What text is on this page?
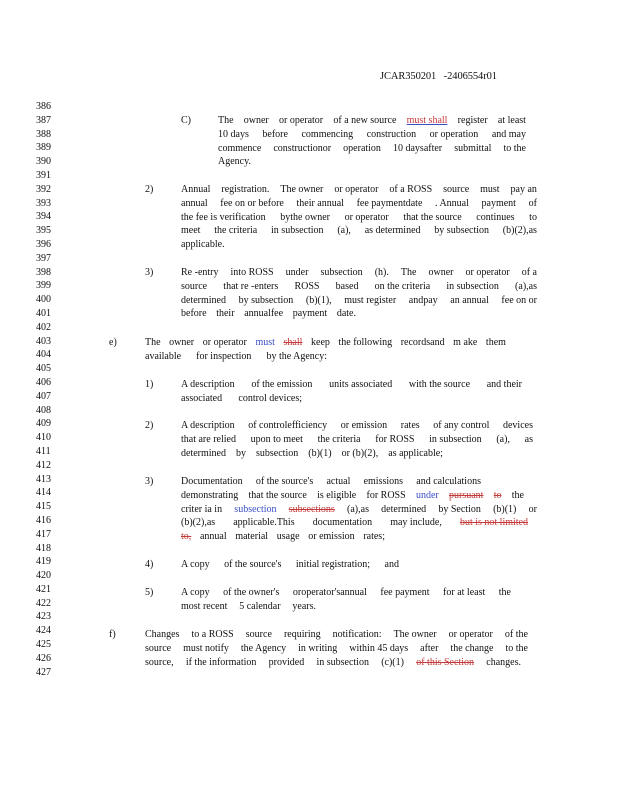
JCAR350201   -2406554r01
386
387
388
389
390
391
392
393
394
395
396
397
398
399
400
401
402
403
404
405
406
407
408
409
410
411
412
413
414
415
416
417
418
419
420
421
422
423
424
425
426
427
C)	The owner or operator of a new source must shall register at least
10 days before commencing construction or operation and may
commence constructionor operation 10 daysafter submittal to the
Agency.
2)	Annual registration. The owner or operator of a ROSS source must pay an
annual fee on or before their annual fee paymentdate . Annual payment of
the fee is verification bythe owner or operator that the source continues to
meet the criteria in subsection (a), as determined by subsection (b)(2),as
applicable.
3)	Re -entry into ROSS under subsection (h). The owner or operator of a
source that re -enters ROSS based on the criteria in subsection (a),as
determined by subsection (b)(1), must register andpay an annual fee on or
before their annualfee payment date.
e)	The owner or operator must shall keep the following recordsand m ake them
available for inspection by the Agency:
1)	A description of the emission units associated with the source and their
associated control devices;
2)	A description of controlefficiency or emission rates of any control devices
that are relied upon to meet the criteria for ROSS in subsection (a), as
determined by subsection (b)(1) or (b)(2), as applicable;
3)	Documentation of the source's actual emissions and calculations
demonstrating that the source is eligible for ROSS under pursuant to the
criter ia in subsection subsections (a),as determined by Section (b)(1) or
(b)(2),as applicable.This documentation may include, but is not limited
to, annual material usage or emission rates;
4)	A copy of the source's initial registration; and
5)	A copy of the owner's oroperator'sannual fee payment for at least the
most recent 5 calendar years.
f)	Changes to a ROSS source requiring notification: The owner or operator of the
source must notify the Agency in writing within 45 days after the change to the
source, if the information provided in subsection (c)(1) of this Section changes.
